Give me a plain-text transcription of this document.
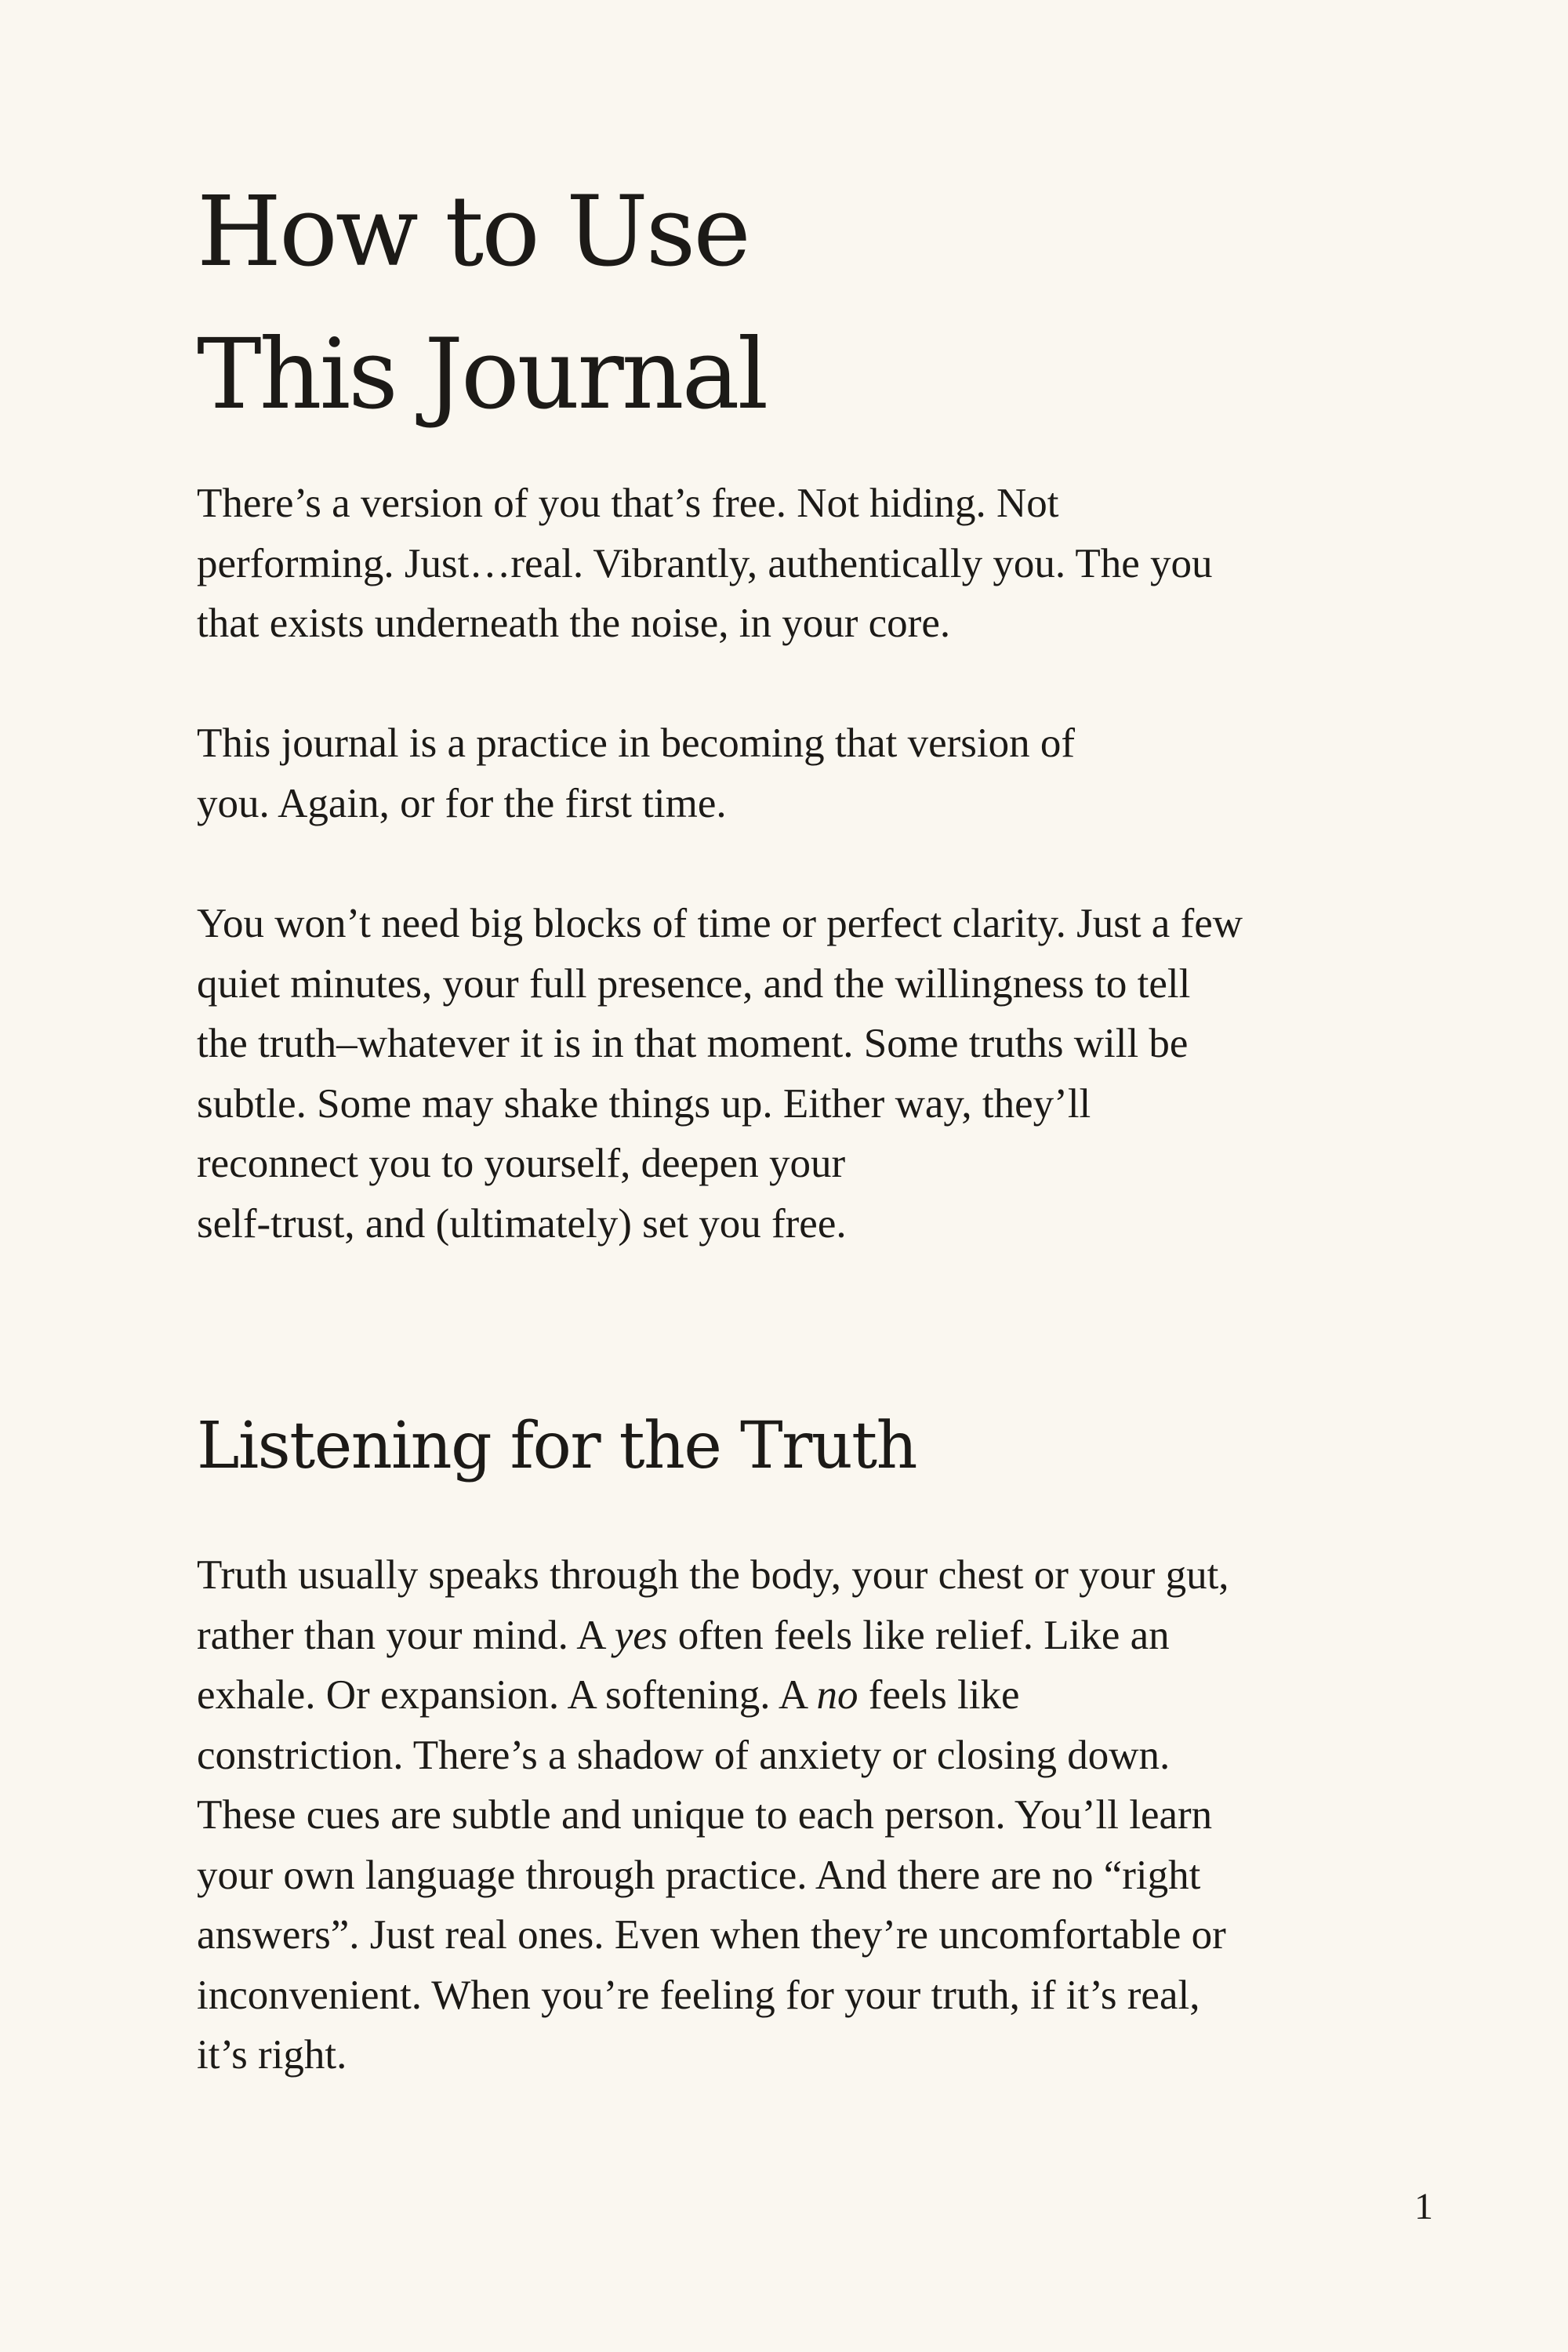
How to Use
This Journal

There’s a version of you that’s free. Not hiding. Not
performing. Just…real. Vibrantly, authentically you. The you
that exists underneath the noise, in your core.

This journal is a practice in becoming that version of
you. Again, or for the first time.

You won’t need big blocks of time or perfect clarity. Just a few
quiet minutes, your full presence, and the willingness to tell
the truth–whatever it is in that moment. Some truths will be
subtle. Some may shake things up. Either way, they’ll
reconnect you to yourself, deepen your
self-trust, and (ultimately) set you free.

Listening for the Truth

Truth usually speaks through the body, your chest or your gut,
rather than your mind. A yes often feels like relief. Like an
exhale. Or expansion. A softening. A no feels like
constriction. There’s a shadow of anxiety or closing down.
These cues are subtle and unique to each person. You’ll learn
your own language through practice. And there are no “right
answers”. Just real ones. Even when they’re uncomfortable or
inconvenient. When you’re feeling for your truth, if it’s real,
it’s right.

1
